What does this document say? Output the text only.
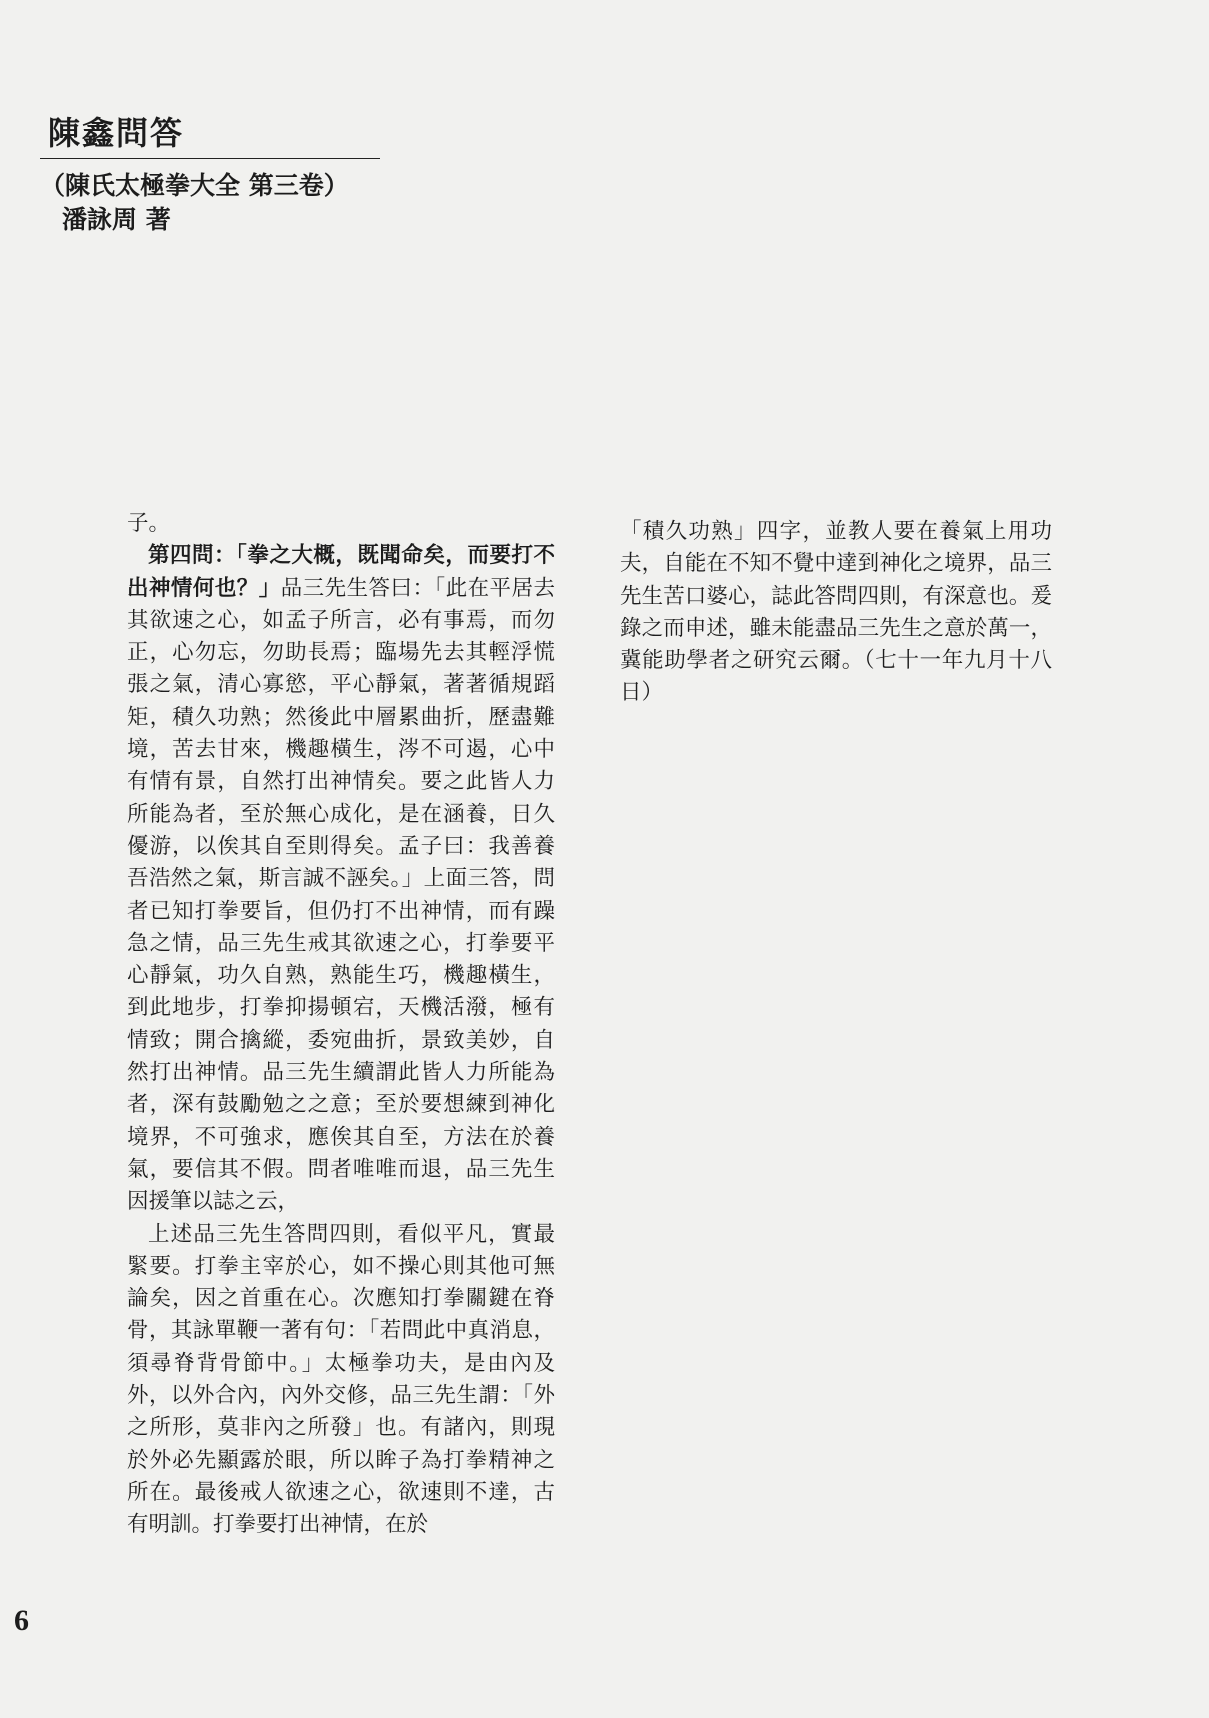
陳鑫問答
（陳氏太極拳大全 第三卷）
潘詠周 著

子。

第四問：「拳之大概，既聞命矣，而要打不出神情何也？」品三先生答曰：「此在平居去其欲速之心，如孟子所言，必有事焉，而勿正，心勿忘，勿助長焉；臨場先去其輕浮慌張之氣，清心寡慾，平心靜氣，著著循規蹈矩，積久功熟；然後此中層累曲折，歷盡難境，苦去甘來，機趣橫生，涔不可遏，心中有情有景，自然打出神情矣。要之此皆人力所能為者，至於無心成化，是在涵養，日久優游，以俟其自至則得矣。孟子曰：我善養吾浩然之氣，斯言誠不誣矣。」上面三答，問者已知打拳要旨，但仍打不出神情，而有躁急之情，品三先生戒其欲速之心，打拳要平心靜氣，功久自熟，熟能生巧，機趣橫生，到此地步，打拳抑揚頓宕，天機活潑，極有情致；開合擒縱，委宛曲折，景致美妙，自然打出神情。品三先生續謂此皆人力所能為者，深有鼓勵勉之之意；至於要想練到神化境界，不可強求，應俟其自至，方法在於養氣，要信其不假。問者唯唯而退，品三先生因援筆以誌之云，

上述品三先生答問四則，看似平凡，實最緊要。打拳主宰於心，如不操心則其他可無論矣，因之首重在心。次應知打拳關鍵在脊骨，其詠單鞭一著有句：「若問此中真消息，須尋脊背骨節中。」太極拳功夫，是由內及外，以外合內，內外交修，品三先生謂：「外之所形，莫非內之所發」也。有諸內，則現於外必先顯露於眼，所以眸子為打拳精神之所在。最後戒人欲速之心，欲速則不達，古有明訓。打拳要打出神情，在於

「積久功熟」四字，並教人要在養氣上用功夫，自能在不知不覺中達到神化之境界，品三先生苦口婆心，誌此答問四則，有深意也。爰錄之而申述，雖未能盡品三先生之意於萬一，冀能助學者之研究云爾。（七十一年九月十八日）

6
